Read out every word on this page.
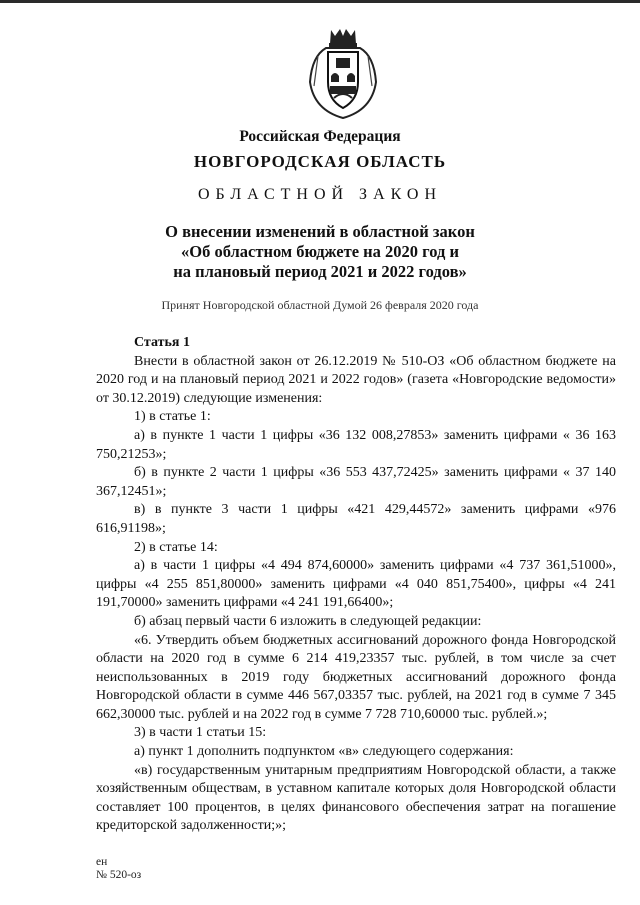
Российская Федерация
НОВГОРОДСКАЯ ОБЛАСТЬ
ОБЛАСТНОЙ ЗАКОН
О внесении изменений в областной закон
«Об областном бюджете на 2020 год и
на плановый период 2021 и 2022 годов»
Принят Новгородской областной Думой 26 февраля 2020 года

Статья 1

Внести в областной закон от 26.12.2019 № 510-ОЗ «Об областном бюджете на 2020 год и на плановый период 2021 и 2022 годов» (газета «Новгородские ведомости» от 30.12.2019) следующие изменения:

1) в статье 1:

а) в пункте 1 части 1 цифры «36 132 008,27853» заменить цифрами « 36 163 750,21253»;

б) в пункте 2 части 1 цифры «36 553 437,72425» заменить цифрами « 37 140 367,12451»;

в) в пункте 3 части 1 цифры «421 429,44572» заменить цифрами «976 616,91198»;

2) в статье 14:

а) в части 1 цифры «4 494 874,60000» заменить цифрами «4 737 361,51000», цифры «4 255 851,80000» заменить цифрами «4 040 851,75400», цифры «4 241 191,70000» заменить цифрами «4 241 191,66400»;

б) абзац первый части 6 изложить в следующей редакции:

«6. Утвердить объем бюджетных ассигнований дорожного фонда Новгородской области на 2020 год в сумме 6 214 419,23357 тыс. рублей, в том числе за счет неиспользованных в 2019 году бюджетных ассигнований дорожного фонда Новгородской области в сумме 446 567,03357 тыс. рублей, на 2021 год в сумме 7 345 662,30000 тыс. рублей и на 2022 год в сумме 7 728 710,60000 тыс. рублей.»;

3) в части 1 статьи 15:

а) пункт 1 дополнить подпунктом «в» следующего содержания:

«в) государственным унитарным предприятиям Новгородской области, а также хозяйственным обществам, в уставном капитале которых доля Новгородской области составляет 100 процентов, в целях финансового обеспечения затрат на погашение кредиторской задолженности;»;

ен
№ 520-оз
